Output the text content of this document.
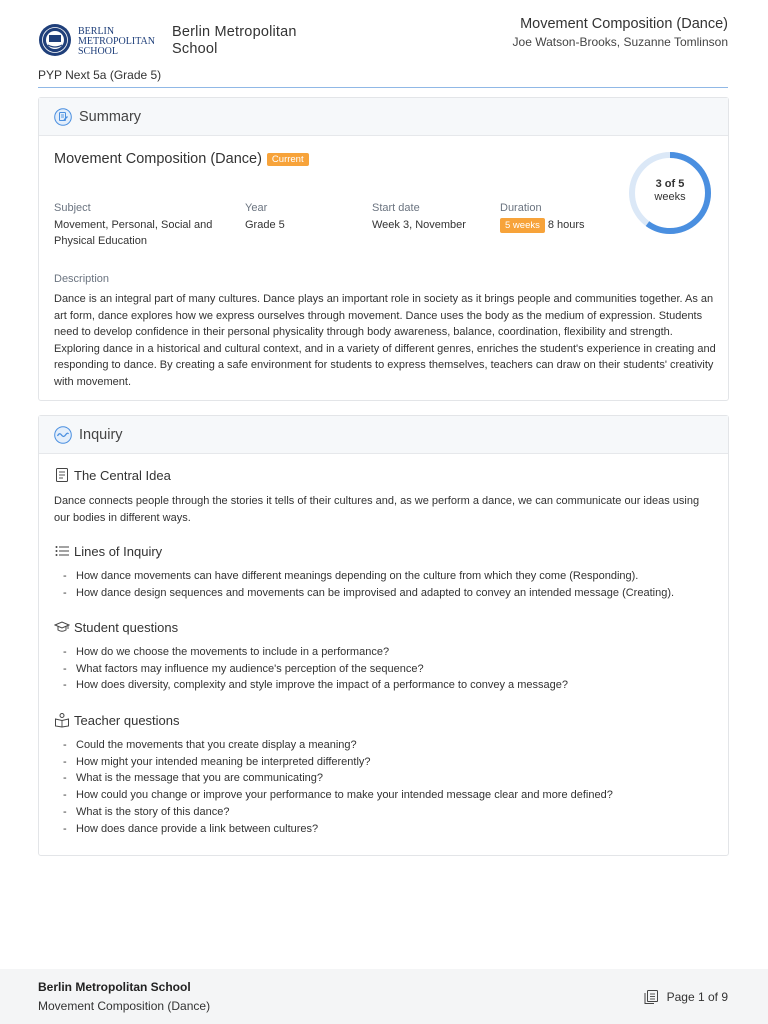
BERLIN
METROPOLITAN
SCHOOL
Berlin Metropolitan
School
Movement Composition (Dance)
Joe Watson-Brooks, Suzanne Tomlinson
PYP Next 5a (Grade 5)
Summary
Movement Composition (Dance)	Current
3 of 5
weeks
Subject
Movement, Personal, Social and Physical Education
Year
Grade 5
Start date
Week 3, November
Duration
5 weeks 8 hours
Description
Dance is an integral part of many cultures. Dance plays an important role in society as it brings people and communities together. As an art form, dance explores how we express ourselves through movement. Dance uses the body as the medium of expression. Students need to develop confidence in their personal physicality through body awareness, balance, coordination, flexibility and strength. Exploring dance in a historical and cultural context, and in a variety of different genres, enriches the student's experience in creating and responding to dance. By creating a safe environment for students to express themselves, teachers can draw on their students' creativity with movement.
Inquiry
The Central Idea
Dance connects people through the stories it tells of their cultures and, as we perform a dance, we can communicate our ideas using our bodies in different ways.
Lines of Inquiry
- How dance movements can have different meanings depending on the culture from which they come (Responding).
- How dance design sequences and movements can be improvised and adapted to convey an intended message (Creating).
Student questions
- How do we choose the movements to include in a performance?
- What factors may influence my audience's perception of the sequence?
- How does diversity, complexity and style improve the impact of a performance to convey a message?
Teacher questions
- Could the movements that you create display a meaning?
- How might your intended meaning be interpreted differently?
- What is the message that you are communicating?
- How could you change or improve your performance to make your intended message clear and more defined?
- What is the story of this dance?
- How does dance provide a link between cultures?
Berlin Metropolitan School
Movement Composition (Dance)
Page 1 of 9
